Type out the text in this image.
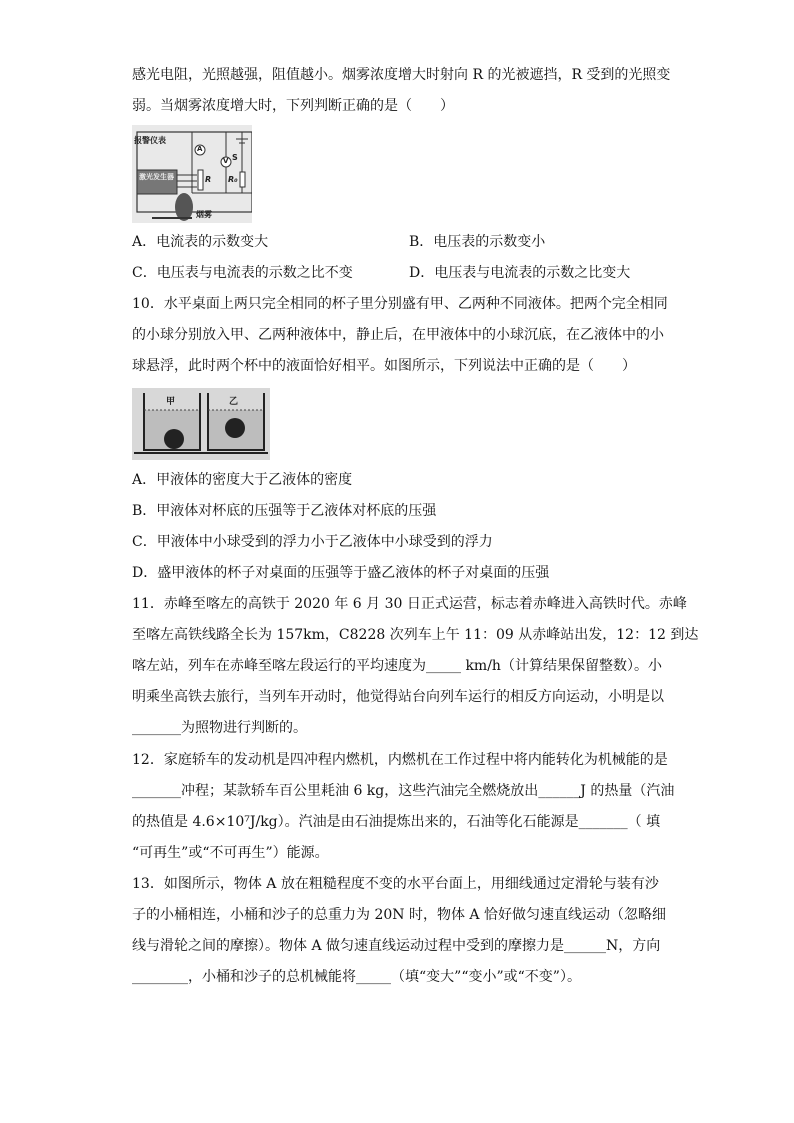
感光电阻，光照越强，阻值越小。烟雾浓度增大时射向 R 的光被遮挡，R 受到的光照变
弱。当烟雾浓度增大时，下列判断正确的是（　　）
报警仪表
A
V S
R R₀
激光发生器
烟雾
A．电流表的示数变大	B．电压表的示数变小
C．电压表与电流表的示数之比不变	D．电压表与电流表的示数之比变大
10．水平桌面上两只完全相同的杯子里分别盛有甲、乙两种不同液体。把两个完全相同
的小球分别放入甲、乙两种液体中，静止后，在甲液体中的小球沉底，在乙液体中的小
球悬浮，此时两个杯中的液面恰好相平。如图所示，下列说法中正确的是（　　）
甲	乙
A．甲液体的密度大于乙液体的密度
B．甲液体对杯底的压强等于乙液体对杯底的压强
C．甲液体中小球受到的浮力小于乙液体中小球受到的浮力
D．盛甲液体的杯子对桌面的压强等于盛乙液体的杯子对桌面的压强
11．赤峰至喀左的高铁于 2020 年 6 月 30 日正式运营，标志着赤峰进入高铁时代。赤峰
至喀左高铁线路全长为 157km，C8228 次列车上午 11：09 从赤峰站出发，12：12 到达
喀左站，列车在赤峰至喀左段运行的平均速度为_____ km/h（计算结果保留整数）。小
明乘坐高铁去旅行，当列车开动时，他觉得站台向列车运行的相反方向运动，小明是以
_______为照物进行判断的。
12．家庭轿车的发动机是四冲程内燃机，内燃机在工作过程中将内能转化为机械能的是
_______冲程；某款轿车百公里耗油 6 kg，这些汽油完全燃烧放出______J 的热量（汽油
的热值是 4.6×10⁷J/kg）。汽油是由石油提炼出来的，石油等化石能源是_______（ 填
“可再生”或“不可再生”）能源。
13．如图所示，物体 A 放在粗糙程度不变的水平台面上，用细线通过定滑轮与装有沙
子的小桶相连，小桶和沙子的总重力为 20N 时，物体 A 恰好做匀速直线运动（忽略细
线与滑轮之间的摩擦）。物体 A 做匀速直线运动过程中受到的摩擦力是______N，方向
________，小桶和沙子的总机械能将_____（填“变大”“变小”或“不变”）。
